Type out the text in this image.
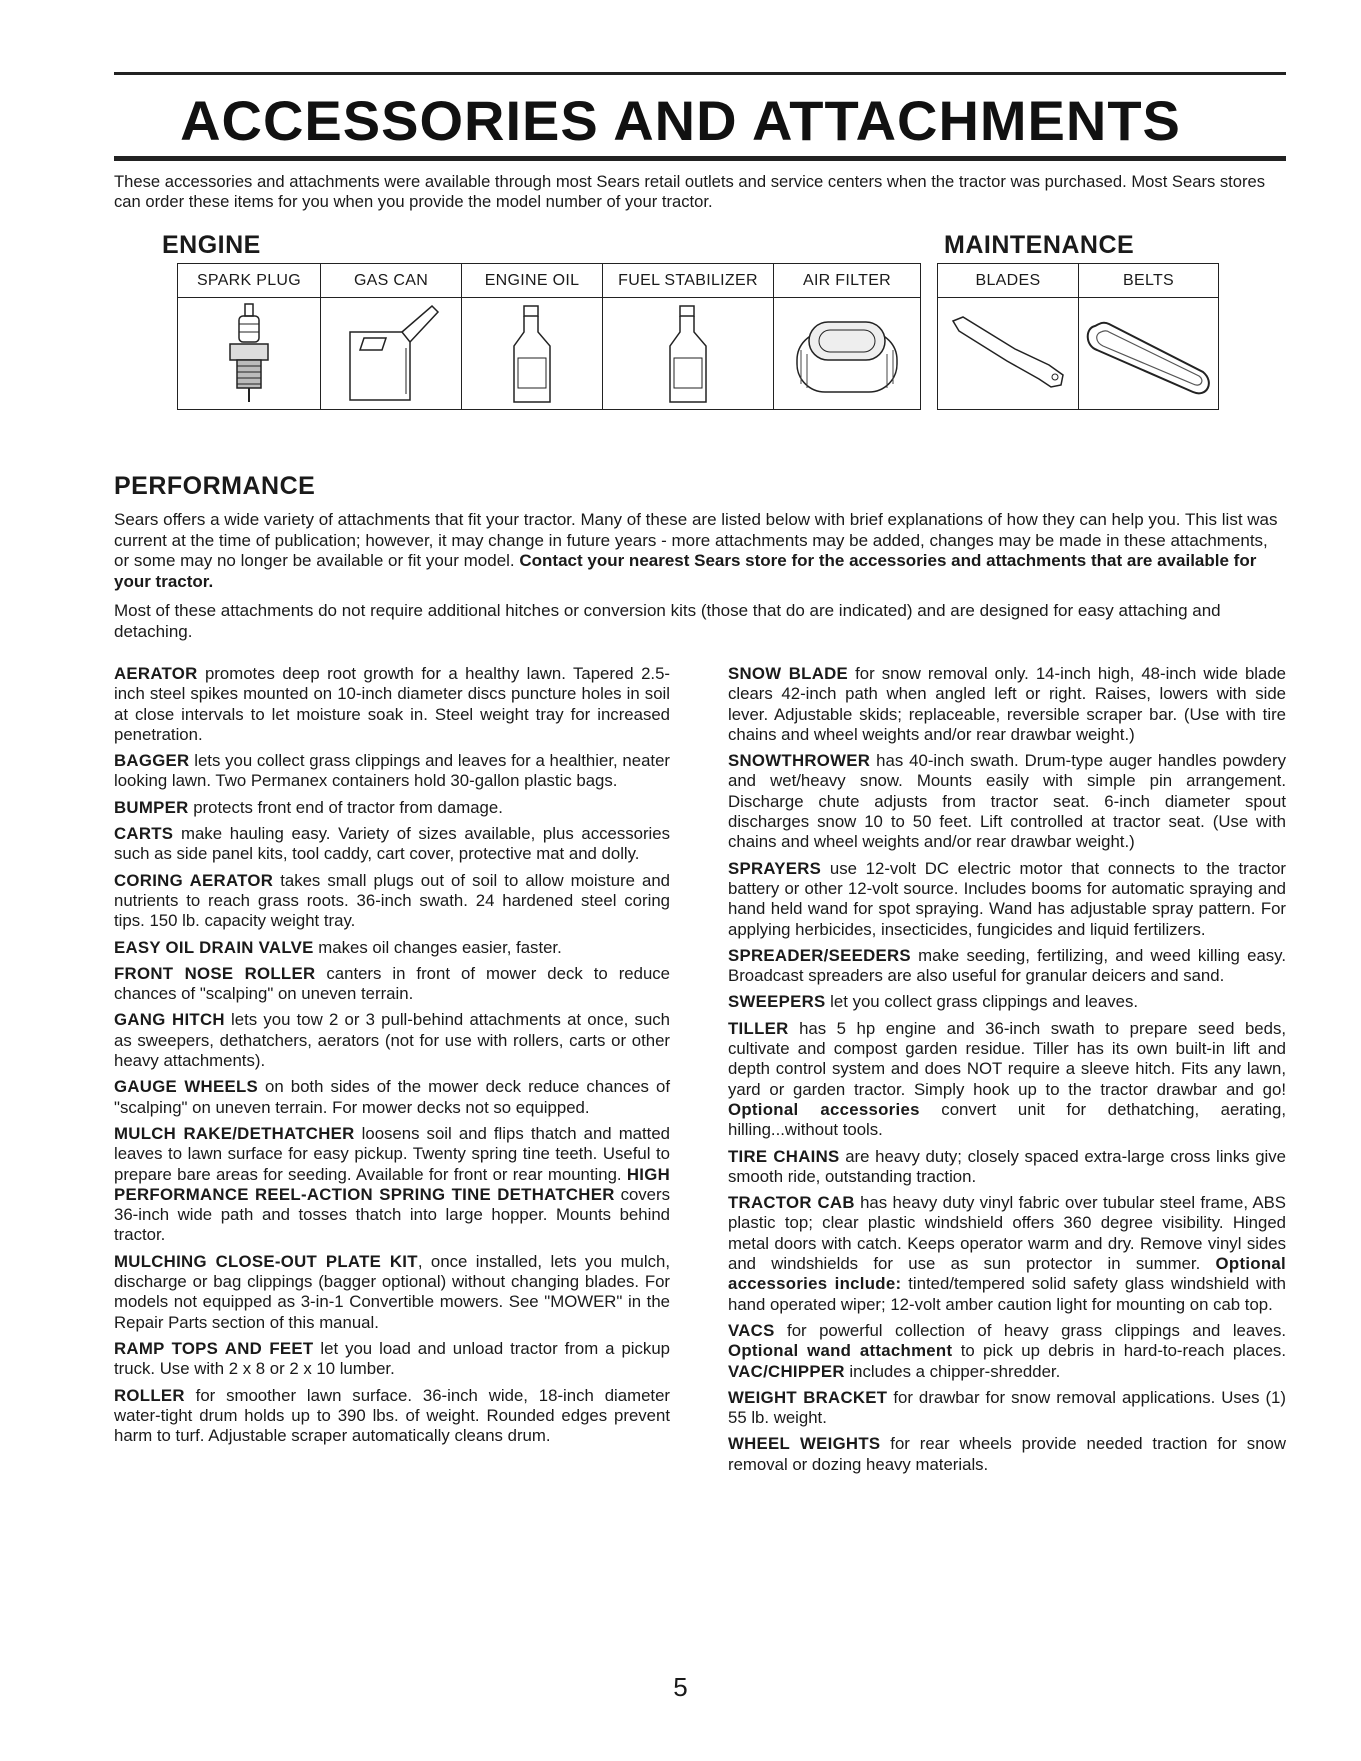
ACCESSORIES AND ATTACHMENTS
These accessories and attachments were available through most Sears retail outlets and service centers when the tractor was purchased. Most Sears stores can order these items for you when you provide the model number of your tractor.
ENGINE
SPARK PLUG	GAS CAN	ENGINE OIL	FUEL STABILIZER	AIR FILTER

MAINTENANCE
BLADES	BELTS

PERFORMANCE

Sears offers a wide variety of attachments that fit your tractor. Many of these are listed below with brief explanations of how they can help you. This list was current at the time of publication; however, it may change in future years - more attachments may be added, changes may be made in these attachments, or some may no longer be available or fit your model. Contact your nearest Sears store for the accessories and attachments that are available for your tractor.

Most of these attachments do not require additional hitches or conversion kits (those that do are indicated) and are designed for easy attaching and detaching.

AERATOR promotes deep root growth for a healthy lawn. Tapered 2.5-inch steel spikes mounted on 10-inch diameter discs puncture holes in soil at close intervals to let moisture soak in. Steel weight tray for increased penetration.

BAGGER lets you collect grass clippings and leaves for a healthier, neater looking lawn. Two Permanex containers hold 30-gallon plastic bags.

BUMPER protects front end of tractor from damage.

CARTS make hauling easy. Variety of sizes available, plus accessories such as side panel kits, tool caddy, cart cover, protective mat and dolly.

CORING AERATOR takes small plugs out of soil to allow moisture and nutrients to reach grass roots. 36-inch swath. 24 hardened steel coring tips. 150 lb. capacity weight tray.

EASY OIL DRAIN VALVE makes oil changes easier, faster.

FRONT NOSE ROLLER canters in front of mower deck to reduce chances of "scalping" on uneven terrain.

GANG HITCH lets you tow 2 or 3 pull-behind attachments at once, such as sweepers, dethatchers, aerators (not for use with rollers, carts or other heavy attachments).

GAUGE WHEELS on both sides of the mower deck reduce chances of "scalping" on uneven terrain. For mower decks not so equipped.

MULCH RAKE/DETHATCHER loosens soil and flips thatch and matted leaves to lawn surface for easy pickup. Twenty spring tine teeth. Useful to prepare bare areas for seeding. Available for front or rear mounting. HIGH PERFORMANCE REEL-ACTION SPRING TINE DETHATCHER covers 36-inch wide path and tosses thatch into large hopper. Mounts behind tractor.

MULCHING CLOSE-OUT PLATE KIT, once installed, lets you mulch, discharge or bag clippings (bagger optional) without changing blades. For models not equipped as 3-in-1 Convertible mowers. See "MOWER" in the Repair Parts section of this manual.

RAMP TOPS AND FEET let you load and unload tractor from a pickup truck. Use with 2 x 8 or 2 x 10 lumber.

ROLLER for smoother lawn surface. 36-inch wide, 18-inch diameter water-tight drum holds up to 390 lbs. of weight. Rounded edges prevent harm to turf. Adjustable scraper automatically cleans drum.

SNOW BLADE for snow removal only. 14-inch high, 48-inch wide blade clears 42-inch path when angled left or right. Raises, lowers with side lever. Adjustable skids; replaceable, reversible scraper bar. (Use with tire chains and wheel weights and/or rear drawbar weight.)

SNOWTHROWER has 40-inch swath. Drum-type auger handles powdery and wet/heavy snow. Mounts easily with simple pin arrangement. Discharge chute adjusts from tractor seat. 6-inch diameter spout discharges snow 10 to 50 feet. Lift controlled at tractor seat. (Use with chains and wheel weights and/or rear drawbar weight.)

SPRAYERS use 12-volt DC electric motor that connects to the tractor battery or other 12-volt source. Includes booms for automatic spraying and hand held wand for spot spraying. Wand has adjustable spray pattern. For applying herbicides, insecticides, fungicides and liquid fertilizers.

SPREADER/SEEDERS make seeding, fertilizing, and weed killing easy. Broadcast spreaders are also useful for granular deicers and sand.

SWEEPERS let you collect grass clippings and leaves.

TILLER has 5 hp engine and 36-inch swath to prepare seed beds, cultivate and compost garden residue. Tiller has its own built-in lift and depth control system and does NOT require a sleeve hitch. Fits any lawn, yard or garden tractor. Simply hook up to the tractor drawbar and go! Optional accessories convert unit for dethatching, aerating, hilling...without tools.

TIRE CHAINS are heavy duty; closely spaced extra-large cross links give smooth ride, outstanding traction.

TRACTOR CAB has heavy duty vinyl fabric over tubular steel frame, ABS plastic top; clear plastic windshield offers 360 degree visibility. Hinged metal doors with catch. Keeps operator warm and dry. Remove vinyl sides and windshields for use as sun protector in summer. Optional accessories include: tinted/tempered solid safety glass windshield with hand operated wiper; 12-volt amber caution light for mounting on cab top.

VACS for powerful collection of heavy grass clippings and leaves. Optional wand attachment to pick up debris in hard-to-reach places. VAC/CHIPPER includes a chipper-shredder.

WEIGHT BRACKET for drawbar for snow removal applications. Uses (1) 55 lb. weight.

WHEEL WEIGHTS for rear wheels provide needed traction for snow removal or dozing heavy materials.

5
